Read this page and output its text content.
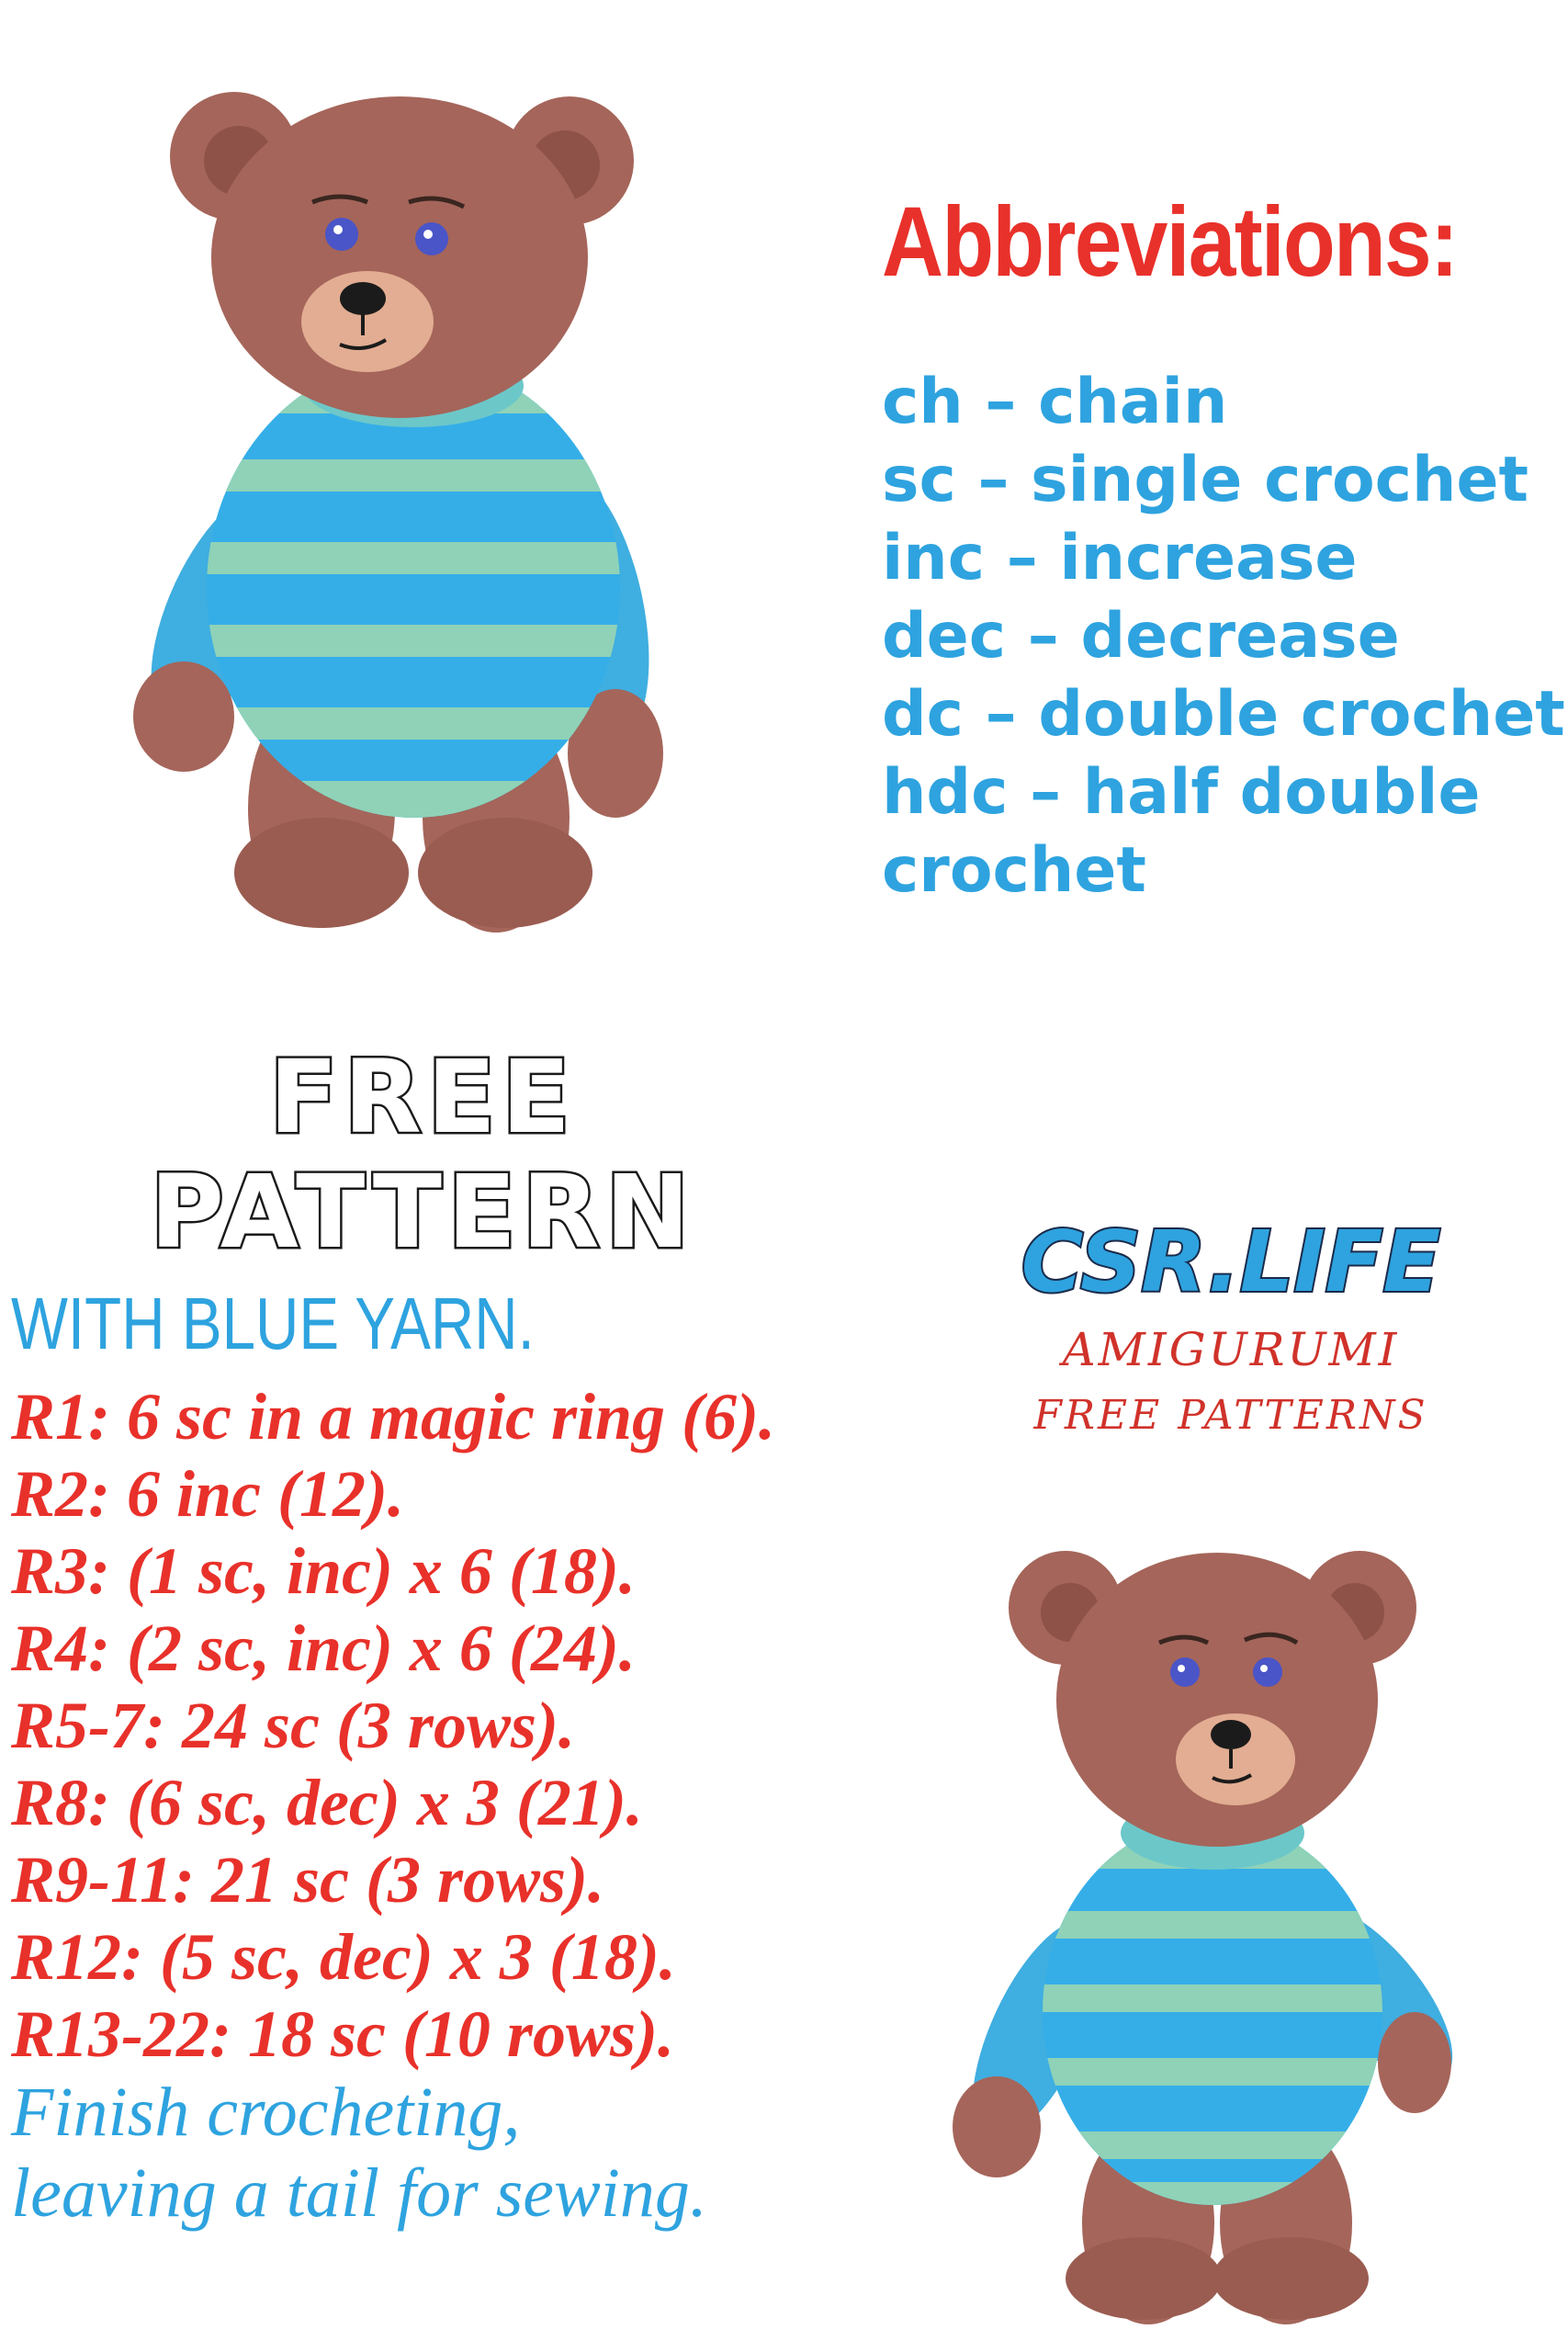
Abbreviations:
ch – chain
sc – single crochet
inc – increase
dec – decrease
dc – double crochet
hdc – half double
crochet
FREE
PATTERN
WITH BLUE YARN.
R1: 6 sc in a magic ring (6).
R2: 6 inc (12).
R3: (1 sc, inc) x 6 (18).
R4: (2 sc, inc) x 6 (24).
R5-7: 24 sc (3 rows).
R8: (6 sc, dec) x 3 (21).
R9-11: 21 sc (3 rows).
R12: (5 sc, dec) x 3 (18).
R13-22: 18 sc (10 rows).
Finish crocheting,
leaving a tail for sewing.
CSR.LIFE
AMIGURUMI
FREE PATTERNS
